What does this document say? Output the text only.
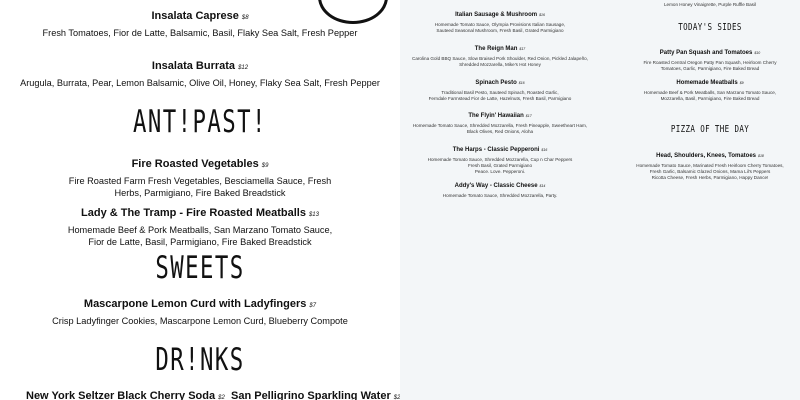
Insalata Caprese $8
Fresh Tomatoes, Fior de Latte, Balsamic, Basil, Flaky Sea Salt, Fresh Pepper
Insalata Burrata $12
Arugula, Burrata, Pear, Lemon Balsamic, Olive Oil, Honey, Flaky Sea Salt, Fresh Pepper
ANT!PAST!
Fire Roasted Vegetables $9
Fire Roasted Farm Fresh Vegetables, Besciamella Sauce, Fresh
Herbs, Parmigiano, Fire Baked Breadstick
Lady & The Tramp - Fire Roasted Meatballs $13
Homemade Beef & Pork Meatballs, San Marzano Tomato Sauce,
Fior de Latte, Basil, Parmigiano, Fire Baked Breadstick
SWEETS
Mascarpone Lemon Curd with Ladyfingers $7
Crisp Ladyfinger Cookies, Mascarpone Lemon Curd, Blueberry Compote
DR!NKS
New York Seltzer Black Cherry Soda $2 San Pelligrino Sparkling Water $2
Italian Sausage & Mushroom $16
Homemade Tomato Sauce, Olympia Provisions Italian Sausage,
Sauteed Seasonal Mushroom, Fresh Basil, Grated Parmigiano
The Reign Man $17
Carolina Gold BBQ Sauce, Slow Braised Pork Shoulder, Red Onion, Pickled Jalapeño,
Shredded Mozzarella, Mike's Hot Honey
Spinach Pesto $16
Traditional Basil Pesto, Sauteed Spinach, Roasted Garlic,
Ferndale Farmstead Fior de Latte, Hazelnuts, Fresh Basil, Parmigiano
The Flyin' Hawaiian $17
Homemade Tomato Sauce, Shredded Mozzarella, Fresh Pineapple, Sweetheart Ham,
Black Olives, Red Onions, Aloha
The Harps - Classic Pepperoni $16
Homemade Tomato Sauce, Shredded Mozzarella, Cup n Char Peppers
Fresh Basil, Grated Parmigiano
Peace. Love. Pepperoni.
Addy's Way - Classic Cheese $14
Homemade Tomato Sauce, Shredded Mozzarella, Party.
Lemon Honey Vinaigrette, Purple Ruffle Basil
TODAY'S SIDES
Patty Pan Squash and Tomatoes $10
Fire Roasted Central Oregon Patty Pan Squash, Heirloom Cherry
Tomatoes, Garlic, Parmigiano, Fire Baked Bread
Homemade Meatballs $9
Homemade Beef & Pork Meatballs, San Marzano Tomato Sauce,
Mozzarella, Basil, Parmigiano, Fire Baked Bread
PIZZA OF THE DAY
Head, Shoulders, Knees, Tomatoes $18
Homemade Tomato Sauce, Marinated Fresh Heirloom Cherry Tomatoes,
Fresh Garlic, Balsamic Glazed Onions, Mama Lil's Peppers
Ricotta Cheese, Fresh Herbs, Parmigiano, Happy Dance!
